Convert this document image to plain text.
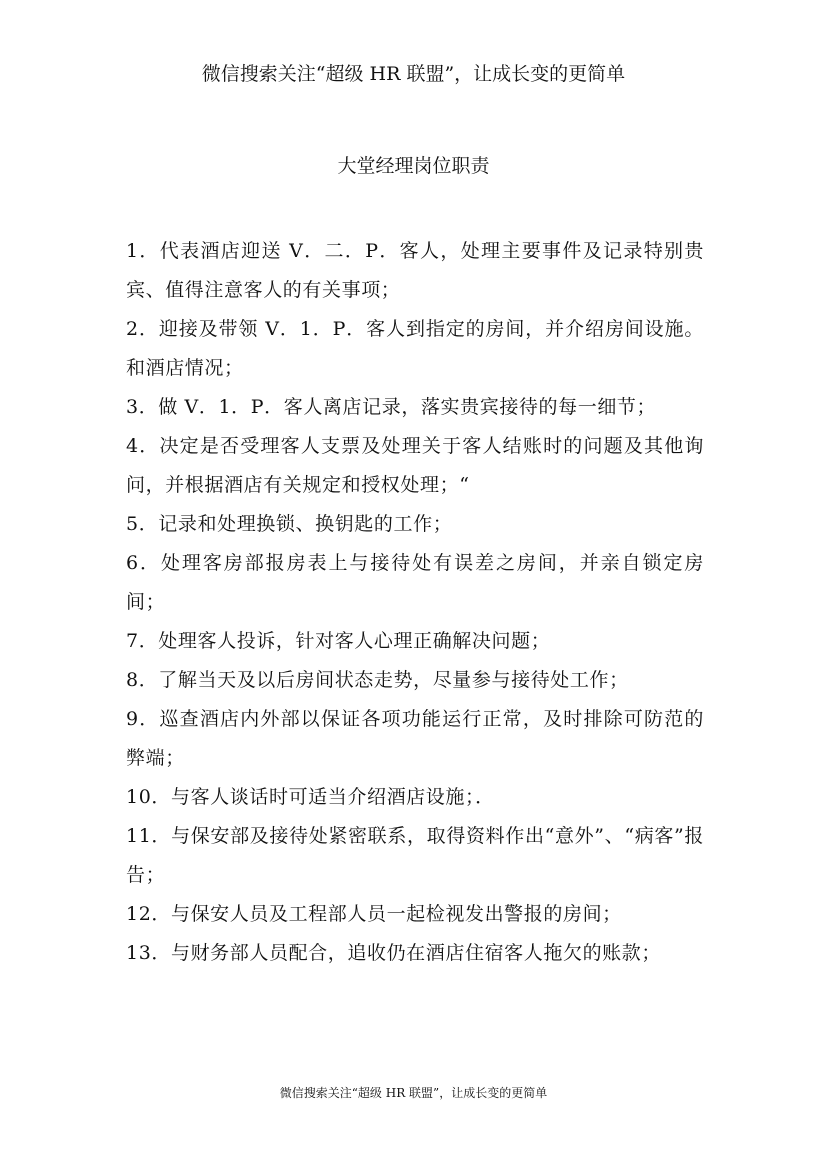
微信搜索关注“超级 HR 联盟”，让成长变的更简单
大堂经理岗位职责

1．代表酒店迎送 V．二．P．客人，处理主要事件及记录特别贵宾、值得注意客人的有关事项；

2．迎接及带领 V．1．P．客人到指定的房间，并介绍房间设施。和酒店情况；

3．做 V．1．P．客人离店记录，落实贵宾接待的每一细节；

4．决定是否受理客人支票及处理关于客人结账时的问题及其他询问，并根据酒店有关规定和授权处理；“

5．记录和处理换锁、换钥匙的工作；

6．处理客房部报房表上与接待处有误差之房间，并亲自锁定房间；

7．处理客人投诉，针对客人心理正确解决问题；

8．了解当天及以后房间状态走势，尽量参与接待处工作；

9．巡查酒店内外部以保证各项功能运行正常，及时排除可防范的弊端；

10．与客人谈话时可适当介绍酒店设施；．

11．与保安部及接待处紧密联系，取得资料作出“意外”、“病客”报告；

12．与保安人员及工程部人员一起检视发出警报的房间；

13．与财务部人员配合，追收仍在酒店住宿客人拖欠的账款；

微信搜索关注“超级 HR 联盟”，让成长变的更简单
